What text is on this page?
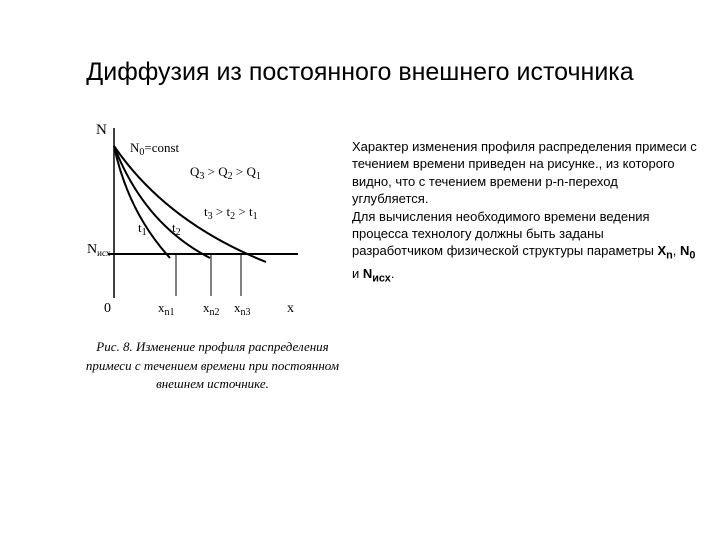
Диффузия из постоянного внешнего источника
N
0	x
$N_0=const$
$Q_3 > Q_2 > Q_1$
$t_3 > t_2 > t_1$
$t_1$ $t_2$
$N_{исх}$
$x_{n1}$ $x_{n2}$ $x_{n3}$
Рис. 8. Изменение профиля распределения примеси с течением времени при постоянном внешнем источнике.

Характер изменения профиля распределения примеси с течением времени приведен на рисунке., из которого видно, что с течением времени p-n-переход углубляется.

Для вычисления необходимого времени ведения процесса технологу должны быть заданы разработчиком физической структуры параметры $X_n$, $N_0$ и $N_{исх}$.
